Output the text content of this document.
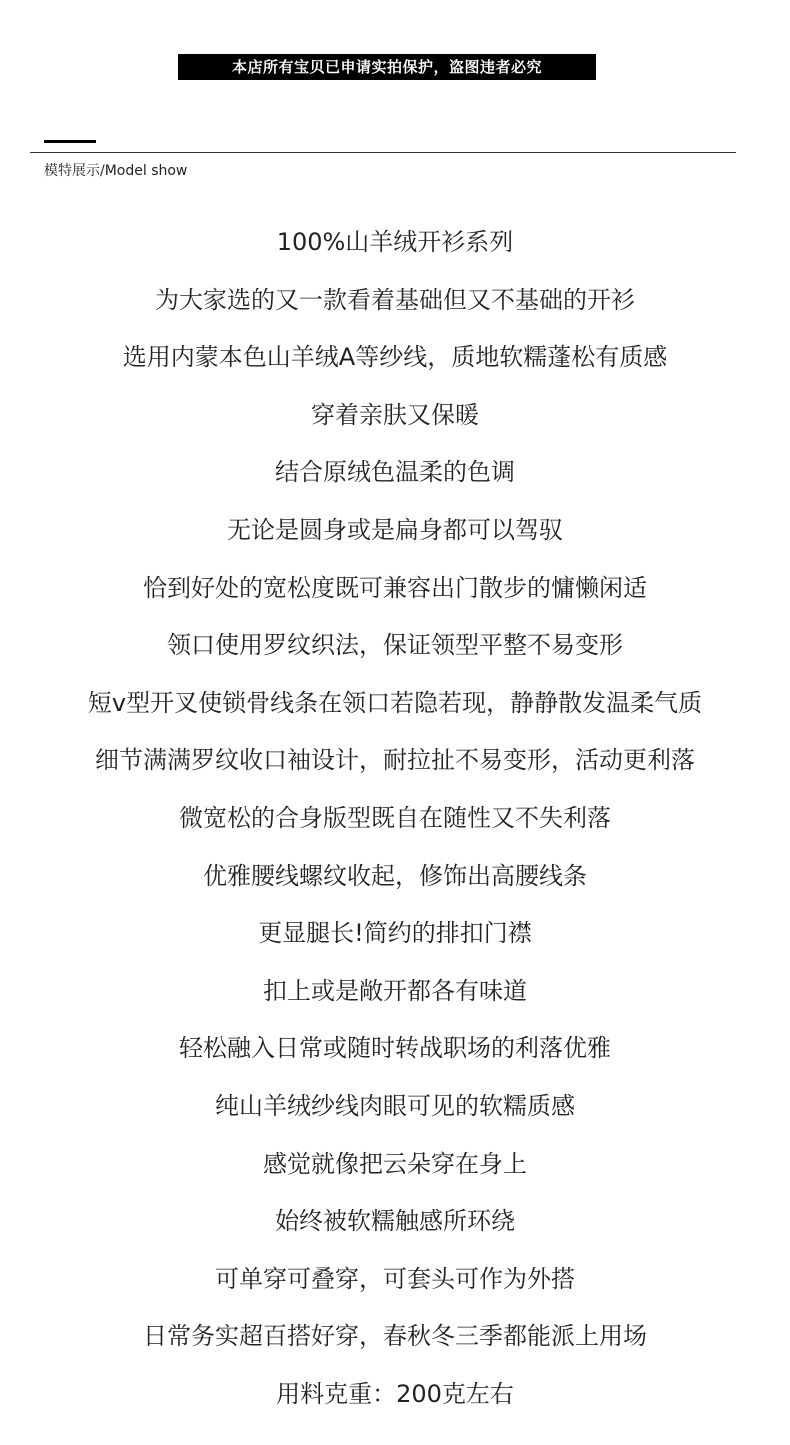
本店所有宝贝已申请实拍保护，盗图违者必究
模特展示/Model show
100%山羊绒开衫系列
为大家选的又一款看着基础但又不基础的开衫
选用内蒙本色山羊绒A等纱线，质地软糯蓬松有质感
穿着亲肤又保暖
结合原绒色温柔的色调
无论是圆身或是扁身都可以驾驭
恰到好处的宽松度既可兼容出门散步的慵懒闲适
领口使用罗纹织法，保证领型平整不易变形
短v型开叉使锁骨线条在领口若隐若现，静静散发温柔气质
细节满满罗纹收口袖设计，耐拉扯不易变形，活动更利落
微宽松的合身版型既自在随性又不失利落
优雅腰线螺纹收起，修饰出高腰线条
更显腿长!简约的排扣门襟
扣上或是敞开都各有味道
轻松融入日常或随时转战职场的利落优雅
纯山羊绒纱线肉眼可见的软糯质感
感觉就像把云朵穿在身上
始终被软糯触感所环绕
可单穿可叠穿，可套头可作为外搭
日常务实超百搭好穿，春秋冬三季都能派上用场
用料克重：200克左右
